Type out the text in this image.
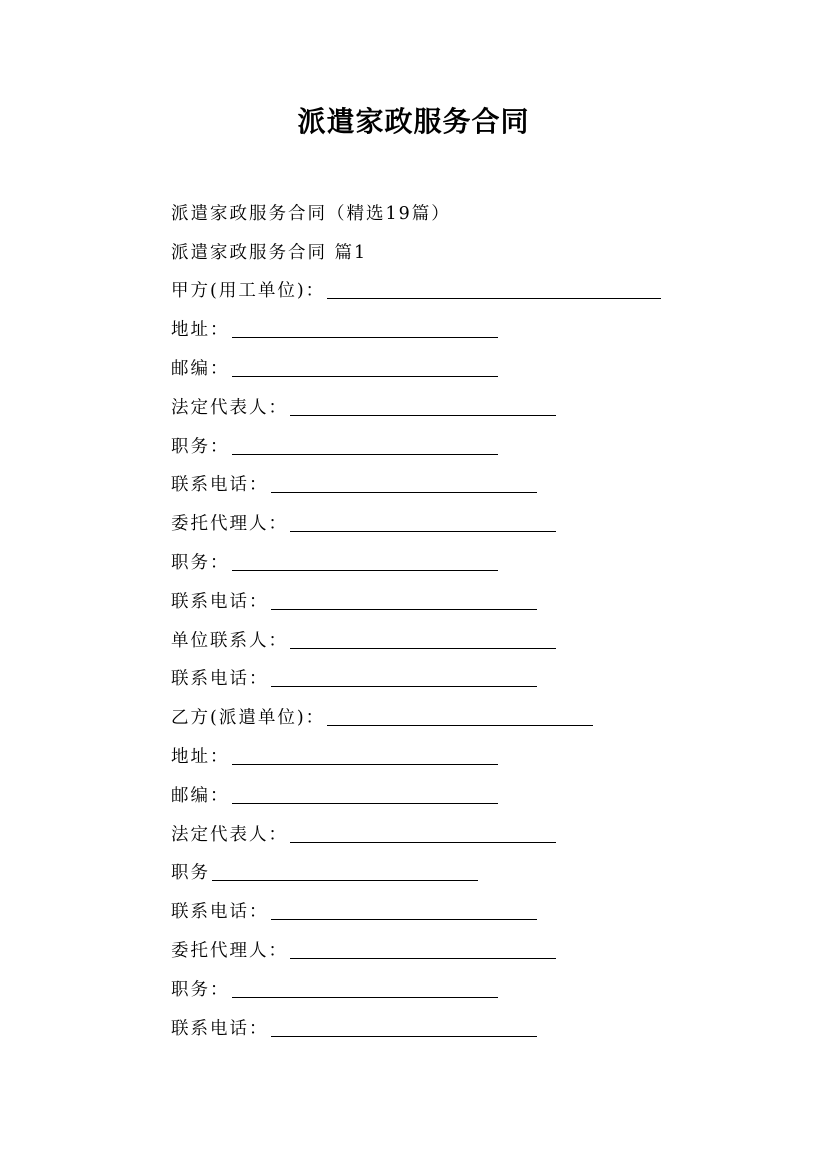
派遣家政服务合同
派遣家政服务合同（精选19篇）
派遣家政服务合同 篇1
甲方(用工单位)：
地址：
邮编：
法定代表人：
职务：
联系电话：
委托代理人：
职务：
联系电话：
单位联系人：
联系电话：
乙方(派遣单位)：
地址：
邮编：
法定代表人：
职务
联系电话：
委托代理人：
职务：
联系电话：
